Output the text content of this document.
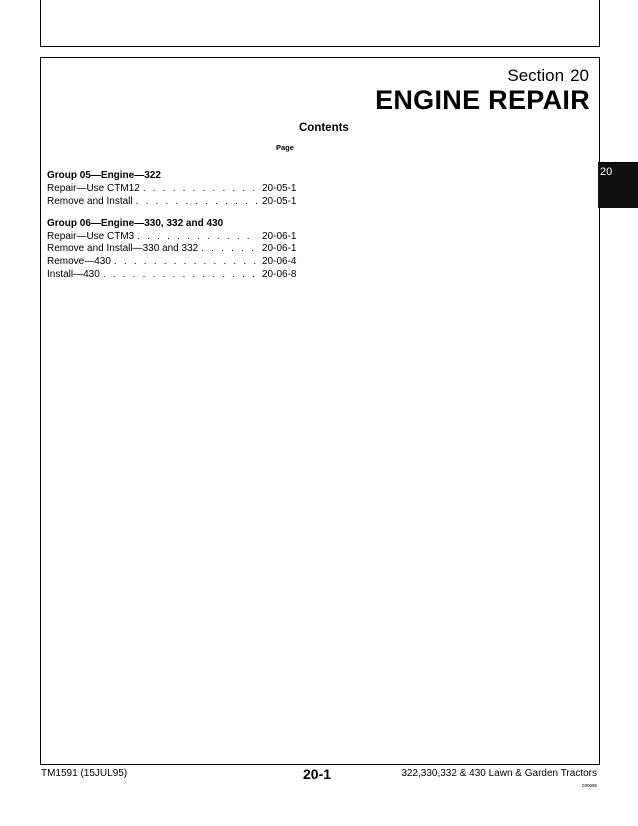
Section 20
ENGINE REPAIR
Contents
Page
20
Group 05—Engine—322
Repair—Use CTM12 . . .	20-05-1
Remove and Install . . .	20-05-1
Group 06—Engine—330, 332 and 430
Repair—Use CTM3 . . .	20-06-1
Remove and Install—330 and 332 . . .	20-06-1
Remove—430 . . .	20-06-4
Install—430 . . .	20-06-8
TM1591 (15JUL95)	20-1	322,330,332 & 430 Lawn & Garden Tractors
030695
